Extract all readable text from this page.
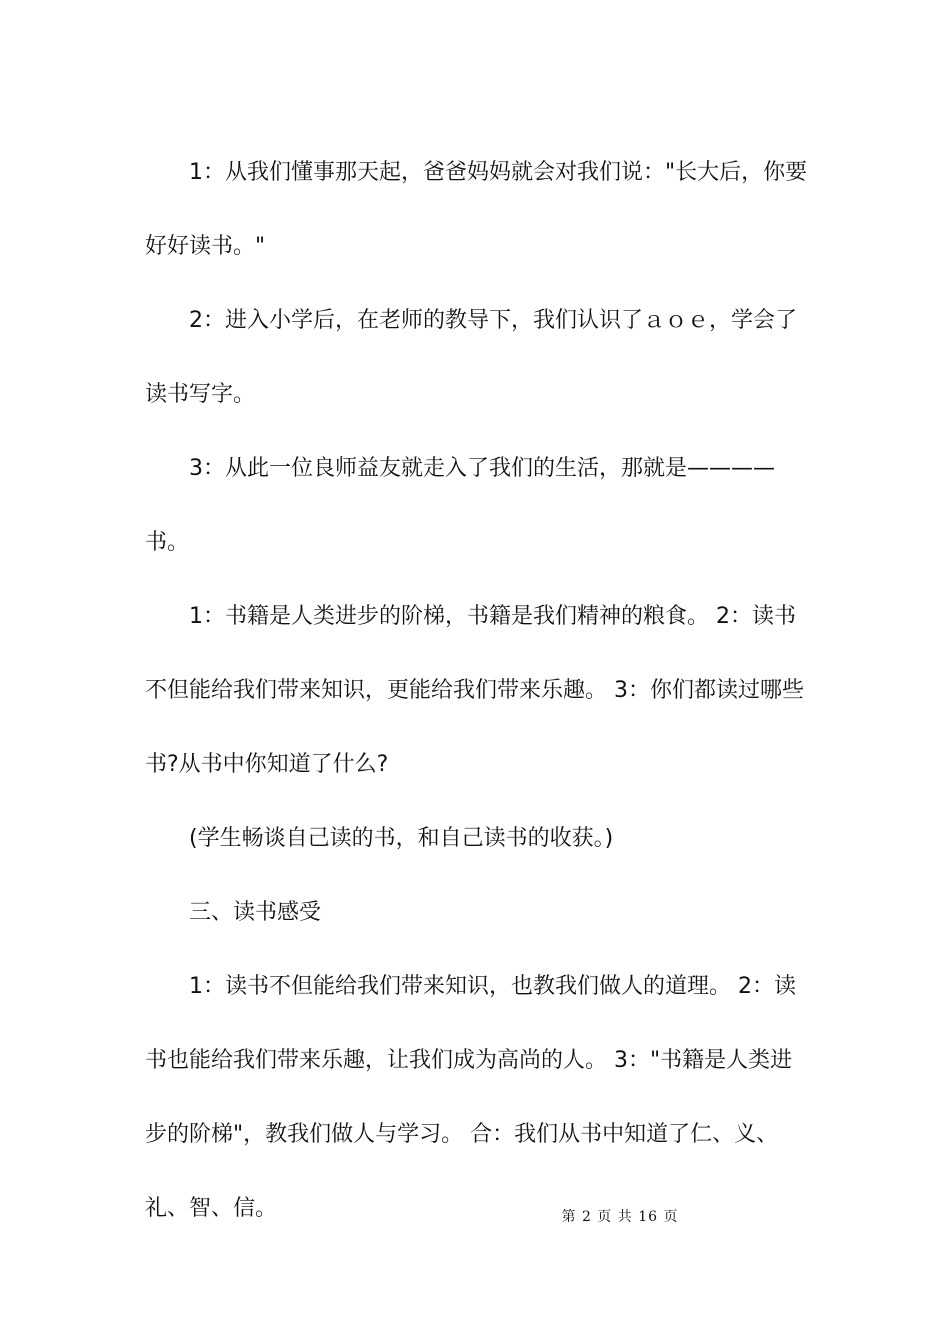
1：从我们懂事那天起，爸爸妈妈就会对我们说："长大后，你要好好读书。"

2：进入小学后，在老师的教导下，我们认识了ａｏｅ，学会了读书写字。

3：从此一位良师益友就走入了我们的生活，那就是————书。

1：书籍是人类进步的阶梯，书籍是我们精神的粮食。 2：读书不但能给我们带来知识，更能给我们带来乐趣。 3：你们都读过哪些书?从书中你知道了什么?

(学生畅谈自己读的书，和自己读书的收获。)

三、读书感受

1：读书不但能给我们带来知识，也教我们做人的道理。 2：读书也能给我们带来乐趣，让我们成为高尚的人。 3："书籍是人类进步的阶梯"，教我们做人与学习。 合：我们从书中知道了仁、义、礼、智、信。	第 2 页 共 16 页
